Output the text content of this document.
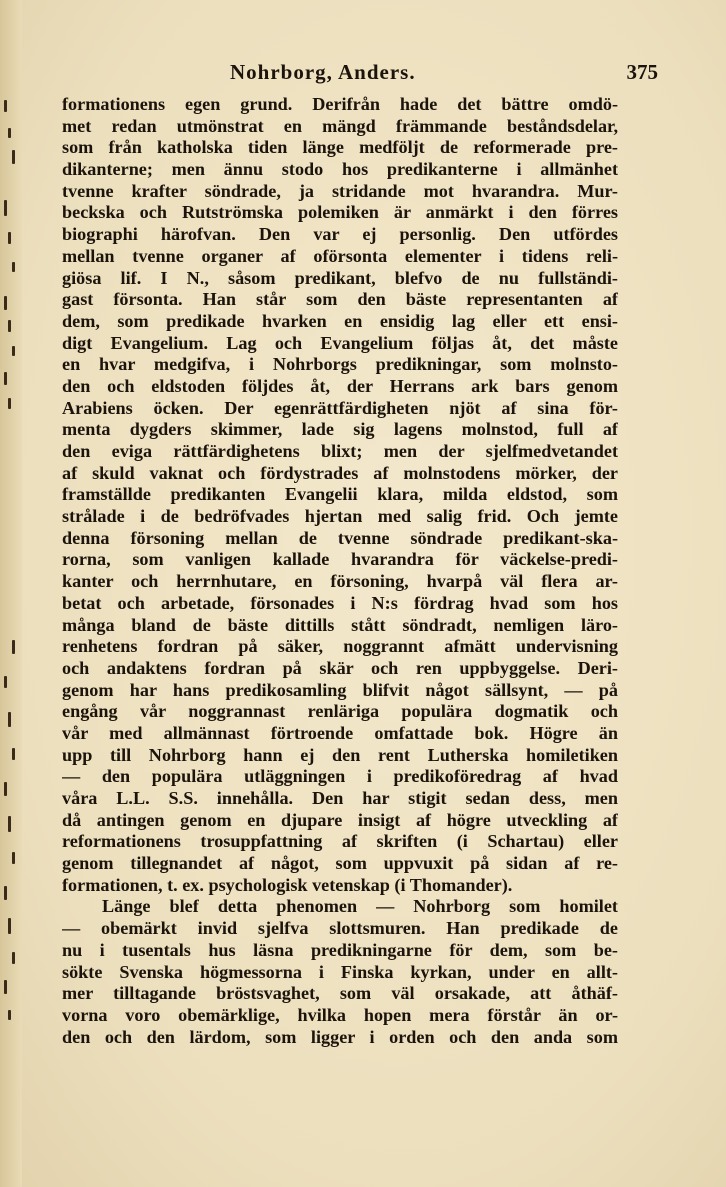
Nohrborg, Anders.	375
formationens egen grund. Derifrån hade det bättre omdö-
met redan utmönstrat en mängd främmande beståndsdelar,
som från katholska tiden länge medföljt de reformerade pre-
dikanterne; men ännu stodo hos predikanterne i allmänhet
tvenne krafter söndrade, ja stridande mot hvarandra. Mur-
beckska och Rutströmska polemiken är anmärkt i den förres
biographi härofvan. Den var ej personlig. Den utfördes
mellan tvenne organer af oförsonta elementer i tidens reli-
giösa lif. I N., såsom predikant, blefvo de nu fullständi-
gast försonta. Han står som den bäste representanten af
dem, som predikade hvarken en ensidig lag eller ett ensi-
digt Evangelium. Lag och Evangelium följas åt, det måste
en hvar medgifva, i Nohrborgs predikningar, som molnsto-
den och eldstoden följdes åt, der Herrans ark bars genom
Arabiens öcken. Der egenrättfärdigheten njöt af sina för-
menta dygders skimmer, lade sig lagens molnstod, full af
den eviga rättfärdighetens blixt; men der sjelfmedvetandet
af skuld vaknat och fördystrades af molnstodens mörker, der
framställde predikanten Evangelii klara, milda eldstod, som
strålade i de bedröfvades hjertan med salig frid. Och jemte
denna försoning mellan de tvenne söndrade predikant-ska-
rorna, som vanligen kallade hvarandra för väckelse-predi-
kanter och herrnhutare, en försoning, hvarpå väl flera ar-
betat och arbetade, försonades i N:s fördrag hvad som hos
många bland de bäste dittills stått söndradt, nemligen läro-
renhetens fordran på säker, noggrannt afmätt undervisning
och andaktens fordran på skär och ren uppbyggelse. Deri-
genom har hans predikosamling blifvit något sällsynt, — på
engång vår noggrannast renläriga populära dogmatik och
vår med allmännast förtroende omfattade bok. Högre än
upp till Nohrborg hann ej den rent Lutherska homiletiken
— den populära utläggningen i predikoföredrag af hvad
våra L.L. S.S. innehålla. Den har stigit sedan dess, men
då antingen genom en djupare insigt af högre utveckling af
reformationens trosuppfattning af skriften (i Schartau) eller
genom tillegnandet af något, som uppvuxit på sidan af re-
formationen, t. ex. psychologisk vetenskap (i Thomander).
Länge blef detta phenomen — Nohrborg som homilet
— obemärkt invid sjelfva slottsmuren. Han predikade de
nu i tusentals hus läsna predikningarne för dem, som be-
sökte Svenska högmessorna i Finska kyrkan, under en allt-
mer tilltagande bröstsvaghet, som väl orsakade, att åthäf-
vorna voro obemärklige, hvilka hopen mera förstår än or-
den och den lärdom, som ligger i orden och den anda som
